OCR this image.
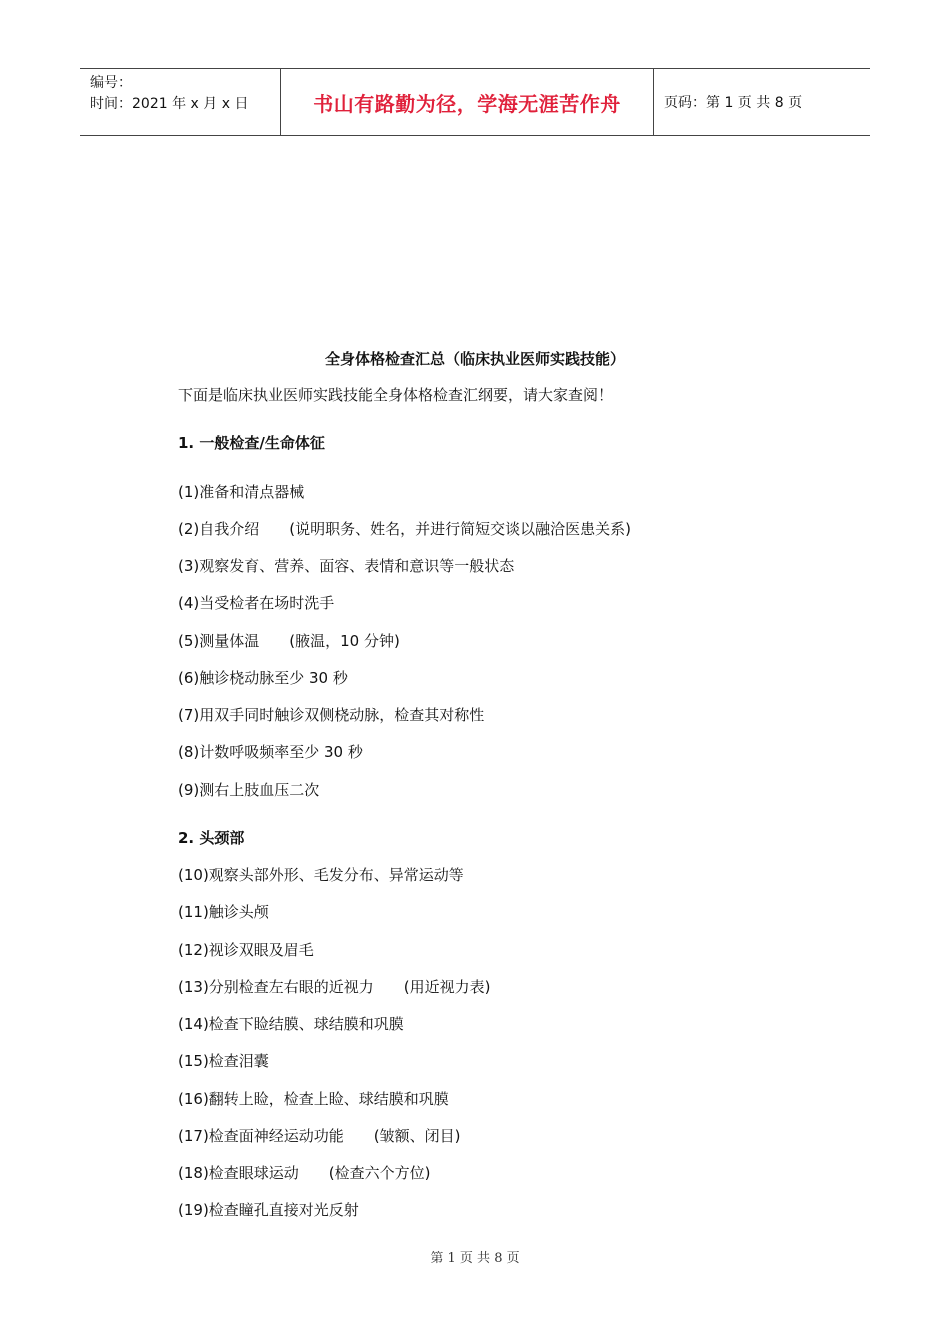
编号：
时间：2021 年 x 月 x 日	书山有路勤为径，学海无涯苦作舟	页码：第 1 页 共 8 页
全身体格检查汇总（临床执业医师实践技能）
下面是临床执业医师实践技能全身体格检查汇纲要，请大家查阅！
1. 一般检查/生命体征
(1)准备和清点器械
(2)自我介绍　　(说明职务、姓名，并进行简短交谈以融洽医患关系)
(3)观察发育、营养、面容、表情和意识等一般状态
(4)当受检者在场时洗手
(5)测量体温　　(腋温，10 分钟)
(6)触诊桡动脉至少 30 秒
(7)用双手同时触诊双侧桡动脉，检查其对称性
(8)计数呼吸频率至少 30 秒
(9)测右上肢血压二次
2. 头颈部
(10)观察头部外形、毛发分布、异常运动等
(11)触诊头颅
(12)视诊双眼及眉毛
(13)分别检查左右眼的近视力　　(用近视力表)
(14)检查下睑结膜、球结膜和巩膜
(15)检查泪囊
(16)翻转上睑，检查上睑、球结膜和巩膜
(17)检查面神经运动功能　　(皱额、闭目)
(18)检查眼球运动　　(检查六个方位)
(19)检查瞳孔直接对光反射
第 1 页 共 8 页
